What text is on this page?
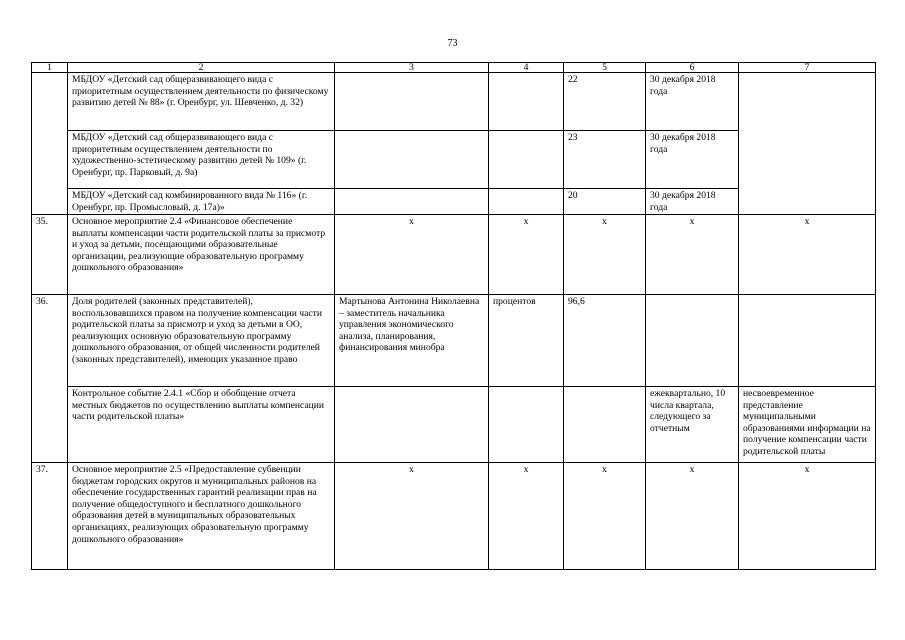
73
1	2	3	4	5	6	7
	МБДОУ «Детский сад общеразвивающего вида с приоритетным осуществлением деятельности по физическому развитию детей № 88» (г. Оренбург, ул. Шевченко, д. 32)			22	30 декабря 2018 года	
	МБДОУ «Детский сад общеразвивающего вида с приоритетным осуществлением деятельности по художественно-эстетическому развитию детей № 109» (г. Оренбург, пр. Парковый, д. 9а)			23	30 декабря 2018 года	
	МБДОУ «Детский сад комбинированного вида № 116» (г. Оренбург, пр. Промысловый, д. 17а)»			20	30 декабря 2018 года	
35.	Основное мероприятие 2.4 «Финансовое обеспечение выплаты компенсации части родительской платы за присмотр и уход за детьми, посещающими образовательные организации, реализующие образовательную программу дошкольного образования»	х	х	х	х	х
36.	Доля родителей (законных представителей), воспользовавшихся правом на получение компенсации части родительской платы за присмотр и уход за детьми в ОО, реализующих основную образовательную программу дошкольного образования, от общей численности родителей (законных представителей), имеющих указанное право	Мартынова Антонина Николаевна – заместитель начальника управления экономического анализа, планирования, финансирования минобра	процентов	96,6		
	Контрольное событие 2.4.1 «Сбор и обобщение отчета местных бюджетов по осуществлению выплаты компенсации части родительской платы»				ежеквартально, 10 числа квартала, следующего за отчетным	несвоевременное представление муниципальными образованиями информации на получение компенсации части родительской платы
37.	Основное мероприятие 2.5 «Предоставление субвенции бюджетам городских округов и муниципальных районов на обеспечение государственных гарантий реализации прав на получение общедоступного и бесплатного дошкольного образования детей в муниципальных образовательных организациях, реализующих образовательную программу дошкольного образования»	х	х	х	х	х
